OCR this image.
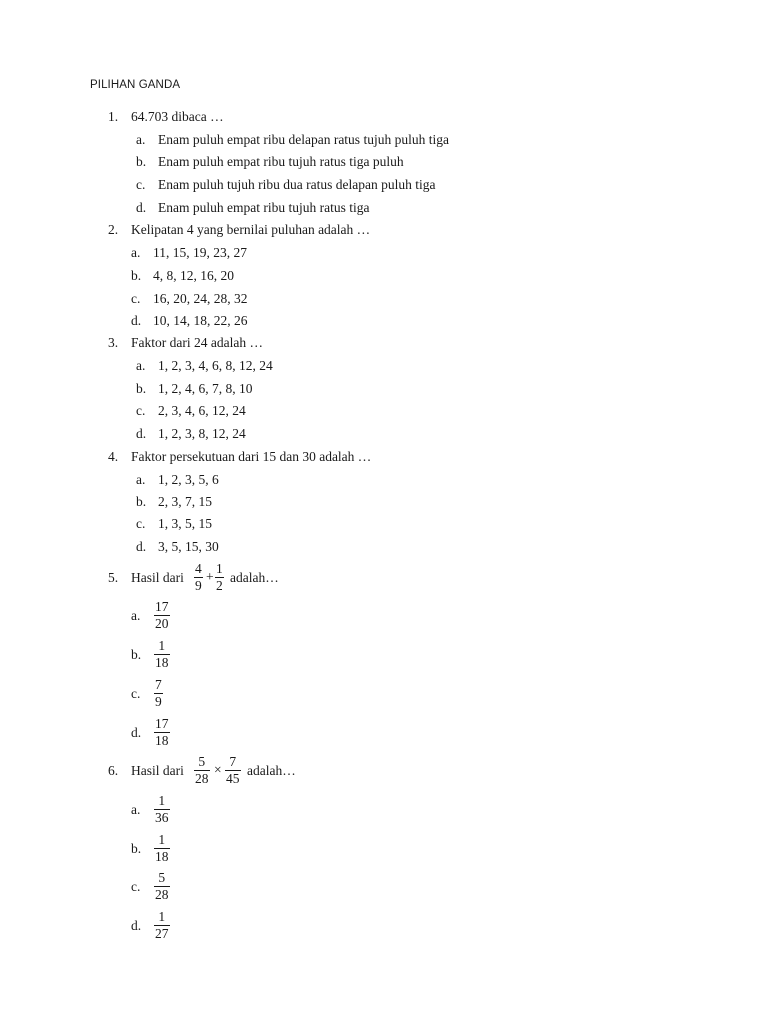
PILIHAN GANDA
1. 64.703 dibaca …
a. Enam puluh empat ribu delapan ratus tujuh puluh tiga
b. Enam puluh empat ribu tujuh ratus tiga puluh
c. Enam puluh tujuh ribu dua ratus delapan puluh tiga
d. Enam puluh empat ribu tujuh ratus tiga
2. Kelipatan 4 yang bernilai puluhan adalah …
a. 11, 15, 19, 23, 27
b. 4, 8, 12, 16, 20
c. 16, 20, 24, 28, 32
d. 10, 14, 18, 22, 26
3. Faktor dari 24 adalah …
a. 1, 2, 3, 4, 6, 8, 12, 24
b. 1, 2, 4, 6, 7, 8, 10
c. 2, 3, 4, 6, 12, 24
d. 1, 2, 3, 8, 12, 24
4. Faktor persekutuan dari 15 dan 30 adalah …
a. 1, 2, 3, 5, 6
b. 2, 3, 7, 15
c. 1, 3, 5, 15
d. 3, 5, 15, 30
5. Hasil dari $\frac{4}{9} + \frac{1}{2}$ adalah…
a. $\frac{17}{20}$
b. $\frac{1}{18}$
c. $\frac{7}{9}$
d. $\frac{17}{18}$
6. Hasil dari $\frac{5}{28} \times \frac{7}{45}$ adalah…
a. $\frac{1}{36}$
b. $\frac{1}{18}$
c. $\frac{5}{28}$
d. $\frac{1}{27}$
